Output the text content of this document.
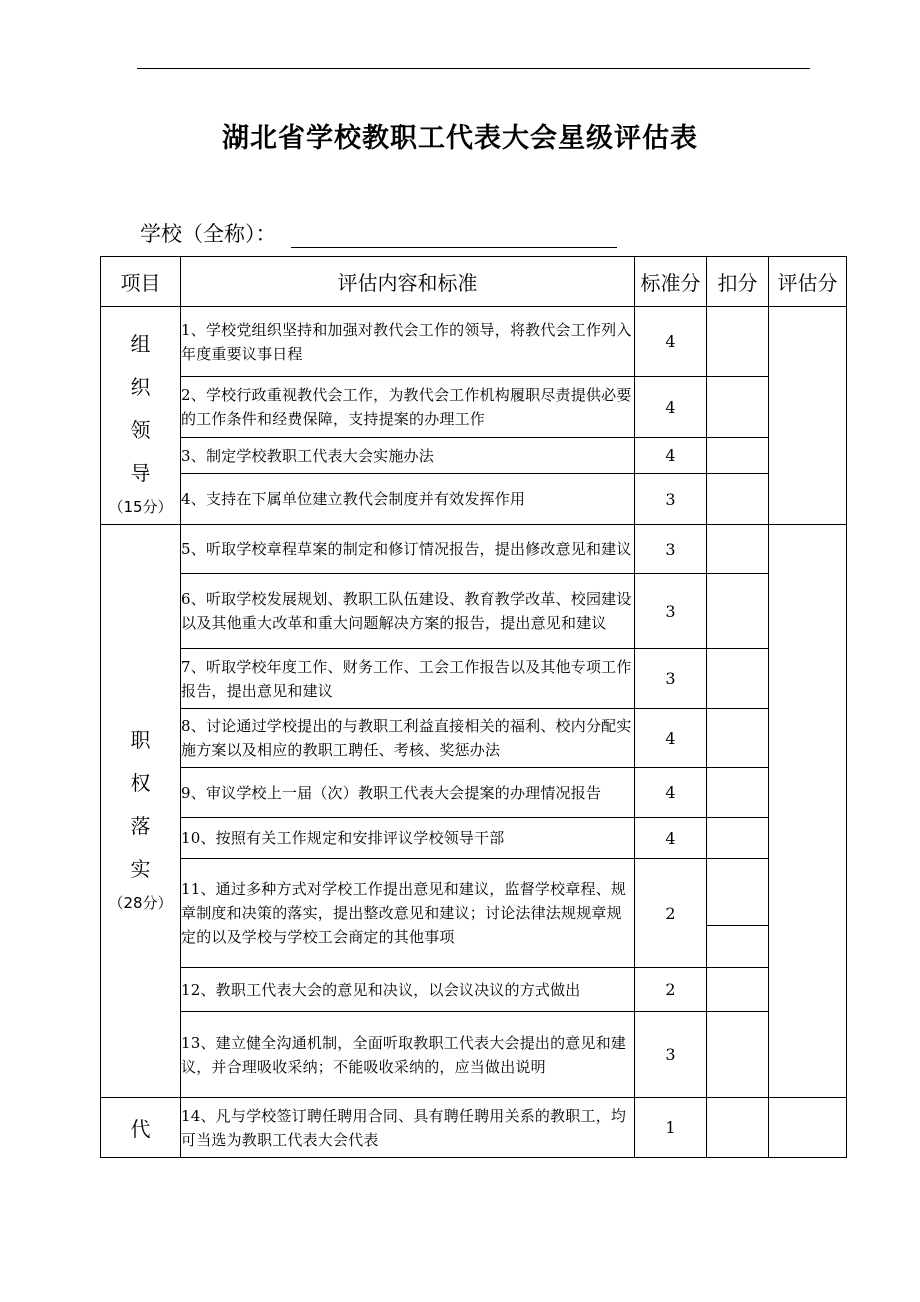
湖北省学校教职工代表大会星级评估表
学校（全称）：
项目	评估内容和标准	标准分	扣分	评估分

组
织
领
导
（15分）	1、学校党组织坚持和加强对教代会工作的领导，将教代会工作列入年度重要议事日程	4		
	2、学校行政重视教代会工作，为教代会工作机构履职尽责提供必要的工作条件和经费保障，支持提案的办理工作	4		
	3、制定学校教职工代表大会实施办法	4		
	4、支持在下属单位建立教代会制度并有效发挥作用	3		

职
权
落
实
（28分）	5、听取学校章程草案的制定和修订情况报告，提出修改意见和建议	3		
	6、听取学校发展规划、教职工队伍建设、教育教学改革、校园建设以及其他重大改革和重大问题解决方案的报告，提出意见和建议	3		
	7、听取学校年度工作、财务工作、工会工作报告以及其他专项工作报告，提出意见和建议	3		
	8、讨论通过学校提出的与教职工利益直接相关的福利、校内分配实施方案以及相应的教职工聘任、考核、奖惩办法	4		
	9、审议学校上一届（次）教职工代表大会提案的办理情况报告	4		
	10、按照有关工作规定和安排评议学校领导干部	4		
	11、通过多种方式对学校工作提出意见和建议，监督学校章程、规章制度和决策的落实，提出整改意见和建议；讨论法律法规规章规定的以及学校与学校工会商定的其他事项	2		

	12、教职工代表大会的意见和决议，以会议决议的方式做出	2		
	13、建立健全沟通机制，全面听取教职工代表大会提出的意见和建议，并合理吸收采纳；不能吸收采纳的，应当做出说明	3		

代	14、凡与学校签订聘任聘用合同、具有聘任聘用关系的教职工，均可当选为教职工代表大会代表	1		
